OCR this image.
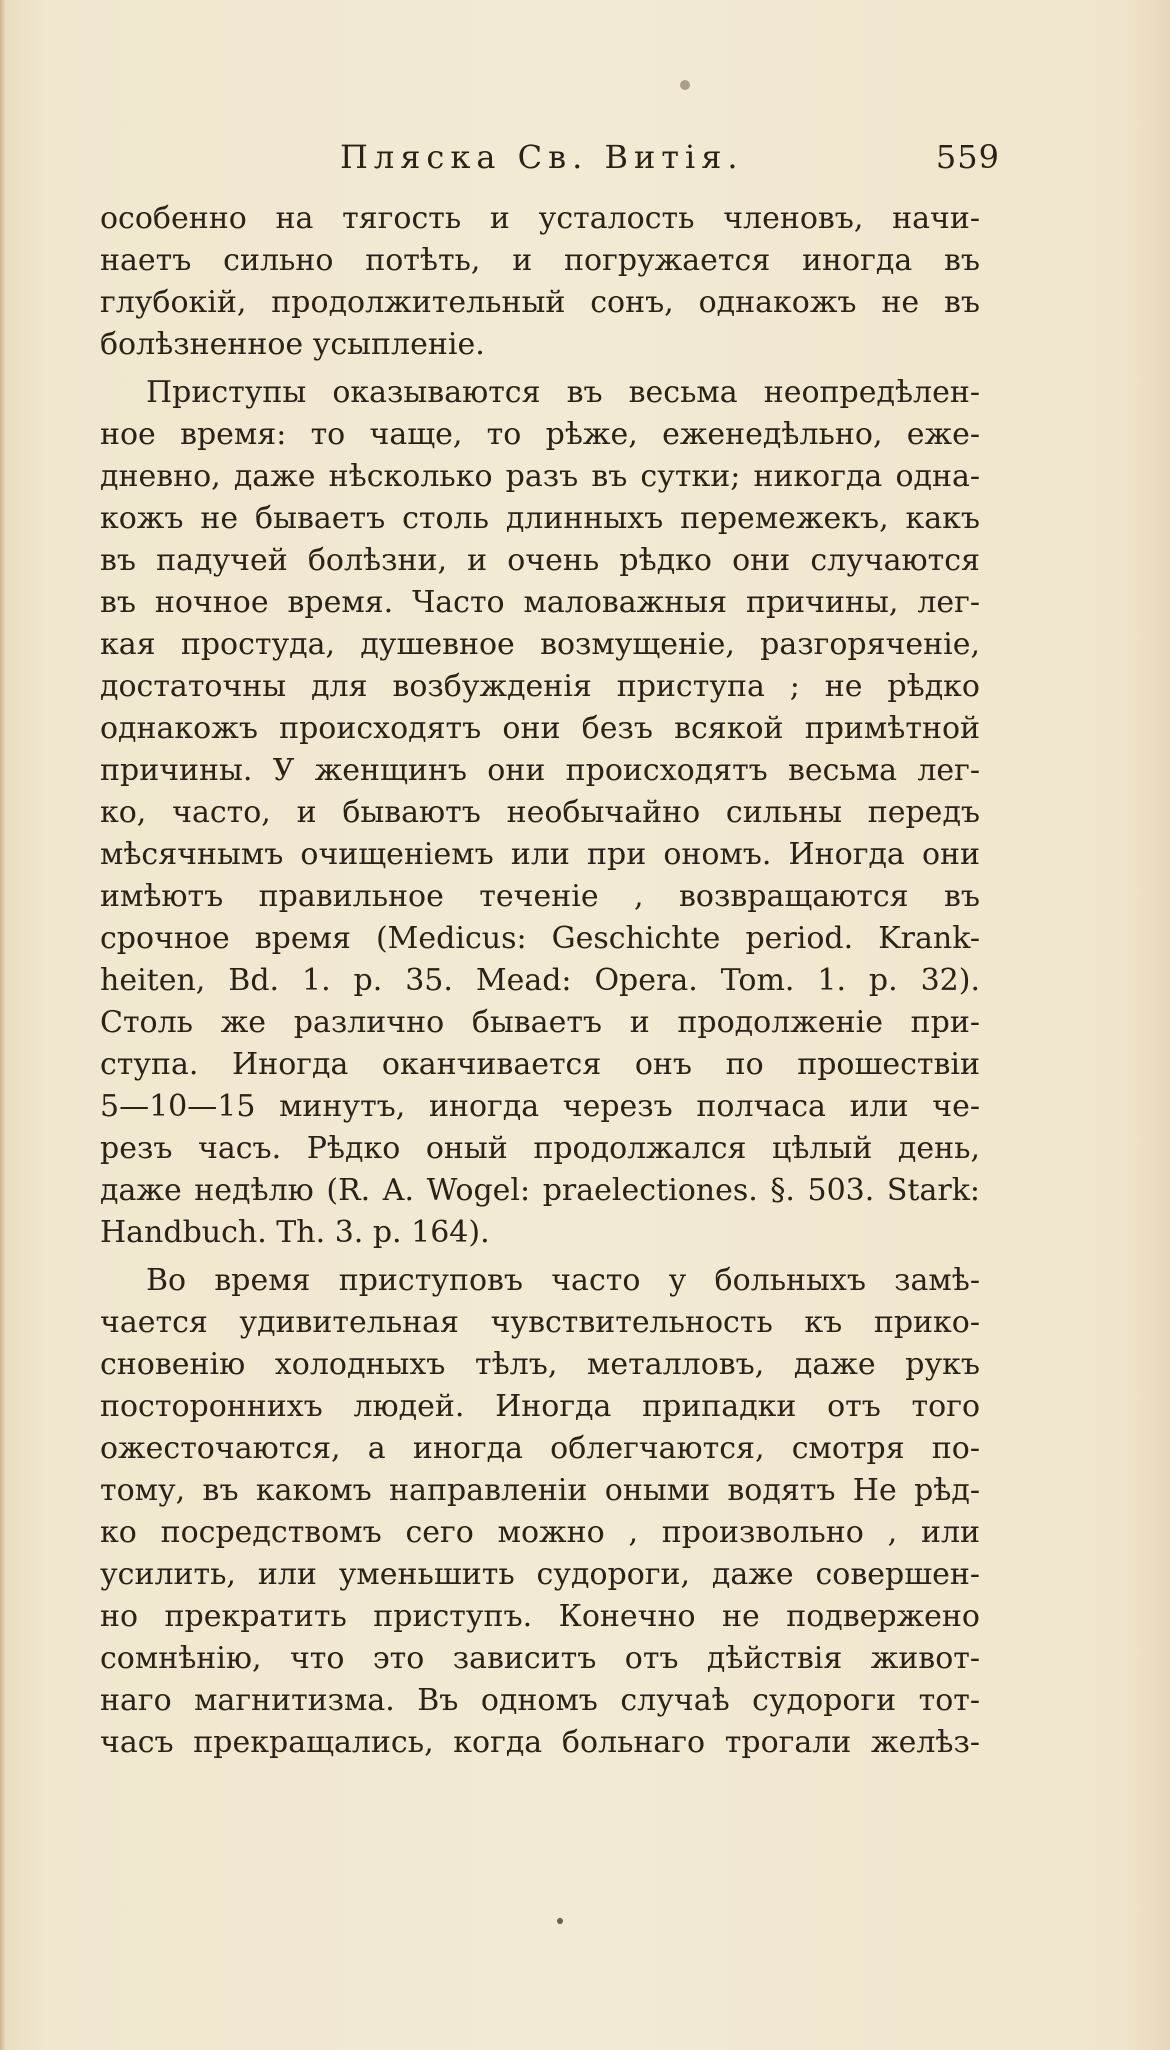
Пляска Св. Витія.	559
особенно на тягость и усталость членовъ, начи-
наетъ сильно потѣть, и погружается иногда въ
глубокій, продолжительный сонъ, однакожъ не въ
болѣзненное усыпленіе.
Приступы оказываются въ весьма неопредѣлен-
ное время: то чаще, то рѣже, еженедѣльно, еже-
дневно, даже нѣсколько разъ въ сутки; никогда одна-
кожъ не бываетъ столь длинныхъ перемежекъ, какъ
въ падучей болѣзни, и очень рѣдко они случаются
въ ночное время. Часто маловажныя причины, лег-
кая простуда, душевное возмущеніе, разгоряченіе,
достаточны для возбужденія приступа ; не рѣдко
однакожъ происходятъ они безъ всякой примѣтной
причины. У женщинъ они происходятъ весьма лег-
ко, часто, и бываютъ необычайно сильны передъ
мѣсячнымъ очищеніемъ или при ономъ. Иногда они
имѣютъ правильное теченіе , возвращаются въ
срочное время (Medicus: Geschichte period. Krank-
heiten, Bd. 1. p. 35. Mead: Opera. Tom. 1. p. 32).
Столь же различно бываетъ и продолженіе при-
ступа. Иногда оканчивается онъ по прошествіи
5—10—15 минутъ, иногда черезъ полчаса или че-
резъ часъ. Рѣдко оный продолжался цѣлый день,
даже недѣлю (R. A. Wogel: praelectiones. §. 503. Stark:
Handbuch. Th. 3. p. 164).
Во время приступовъ часто у больныхъ замѣ-
чается удивительная чувствительность къ прико-
сновенію холодныхъ тѣлъ, металловъ, даже рукъ
постороннихъ людей. Иногда припадки отъ того
ожесточаются, а иногда облегчаются, смотря по-
тому, въ какомъ направленіи оными водятъ Не рѣд-
ко посредствомъ сего можно , произвольно , или
усилить, или уменьшить судороги, даже совершен-
но прекратить приступъ. Конечно не подвержено
сомнѣнію, что это зависитъ отъ дѣйствія живот-
наго магнитизма. Въ одномъ случаѣ судороги тот-
часъ прекращались, когда больнаго трогали желѣз-
